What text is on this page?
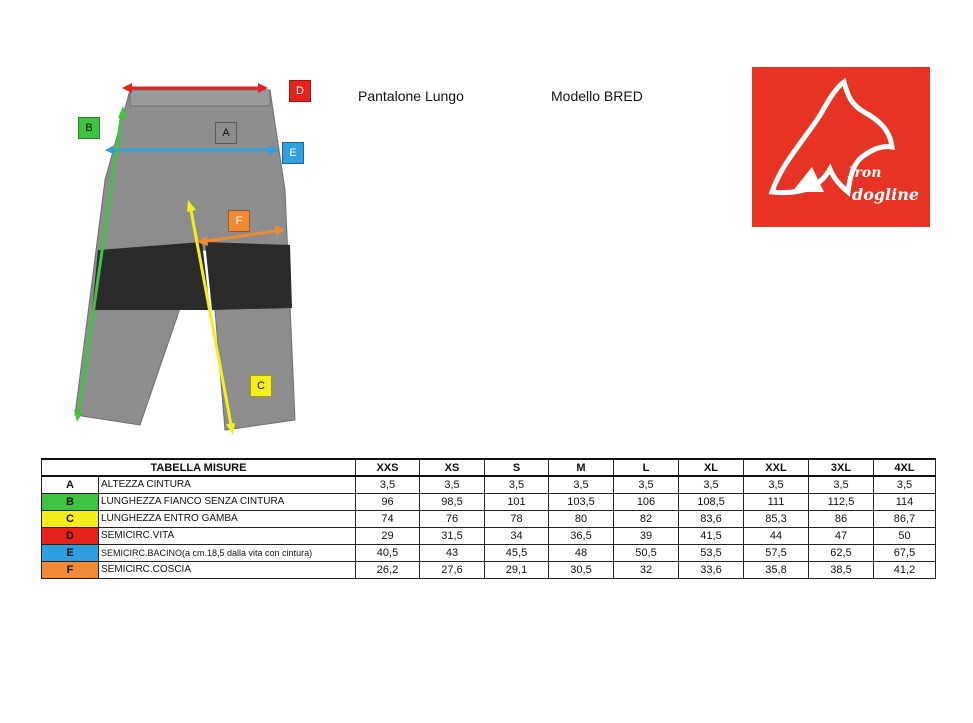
A
B
C
D
E
F
Pantalone Lungo	Modello BRED
Iron
dogline
TABELLA MISURE		XXS	XS	S	M	L	XL	XXL	3XL	4XL
A	ALTEZZA CINTURA	3,5	3,5	3,5	3,5	3,5	3,5	3,5	3,5	3,5
B	LUNGHEZZA FIANCO SENZA CINTURA	96	98,5	101	103,5	106	108,5	111	112,5	114
C	LUNGHEZZA ENTRO GAMBA	74	76	78	80	82	83,6	85,3	86	86,7
D	SEMICIRC.VITA	29	31,5	34	36,5	39	41,5	44	47	50
E	SEMICIRC.BACINO(a cm.18,5 dalla vita con cintura)	40,5	43	45,5	48	50,5	53,5	57,5	62,5	67,5
F	SEMICIRC.COSCIA	26,2	27,6	29,1	30,5	32	33,6	35,8	38,5	41,2
